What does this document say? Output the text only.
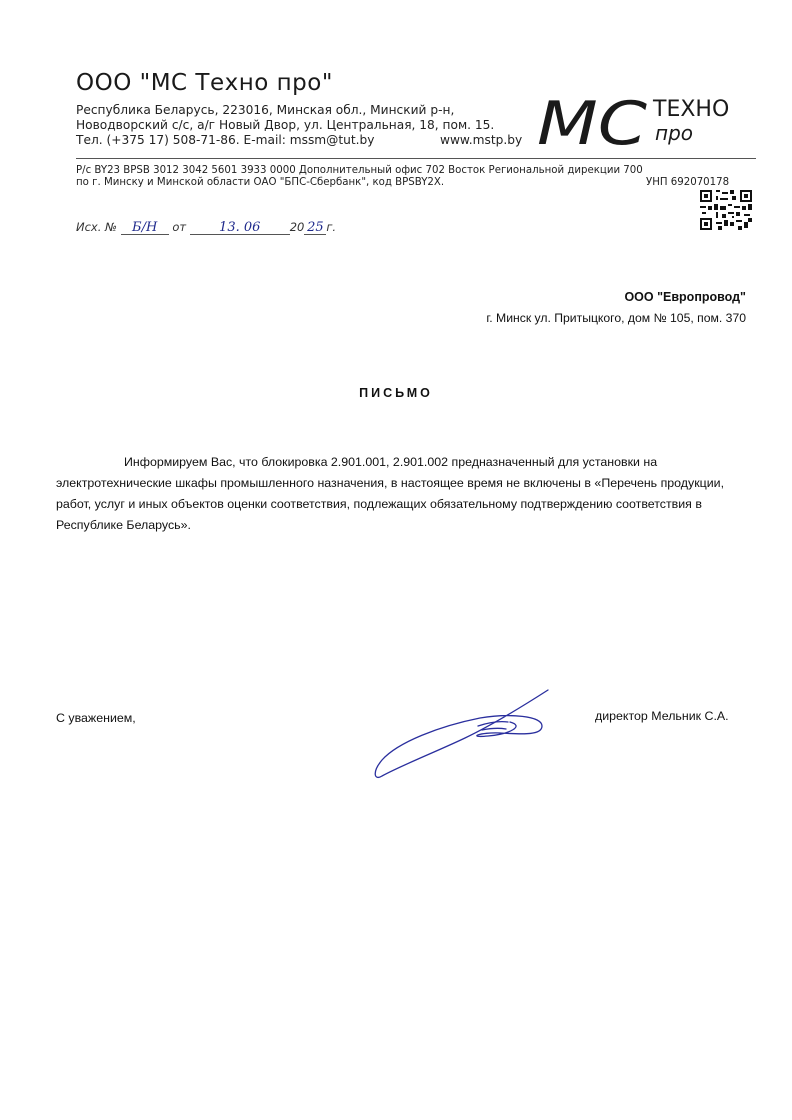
ООО "МС Техно про"
Республика Беларусь, 223016, Минская обл., Минский р-н,
Новодворский с/с, а/г Новый Двор, ул. Центральная, 18, пом. 15.
Тел. (+375 17) 508-71-86. E-mail: mssm@tut.by	www.mstp.by МС ТЕХНО
про
Р/с BY23 BPSB 3012 3042 5601 3933 0000 Дополнительный офис 702 Восток Региональной дирекции 700
по г. Минску и Минской области ОАО "БПС-Сбербанк", код BPSBY2X.	УНП 692070178
Исх. № Б/Н от	13. 06	20 25 г.
ООО "Европровод"
г. Минск ул. Притыцкого, дом № 105, пом. 370
ПИСЬМО

Информируем Вас, что блокировка 2.901.001, 2.901.002 предназначенный для установки на электротехнические шкафы промышленного назначения, в настоящее время не включены в «Перечень продукции, работ, услуг и иных объектов оценки соответствия, подлежащих обязательному подтверждению соответствия в Республике Беларусь».

С уважением,	директор Мельник С.А.
